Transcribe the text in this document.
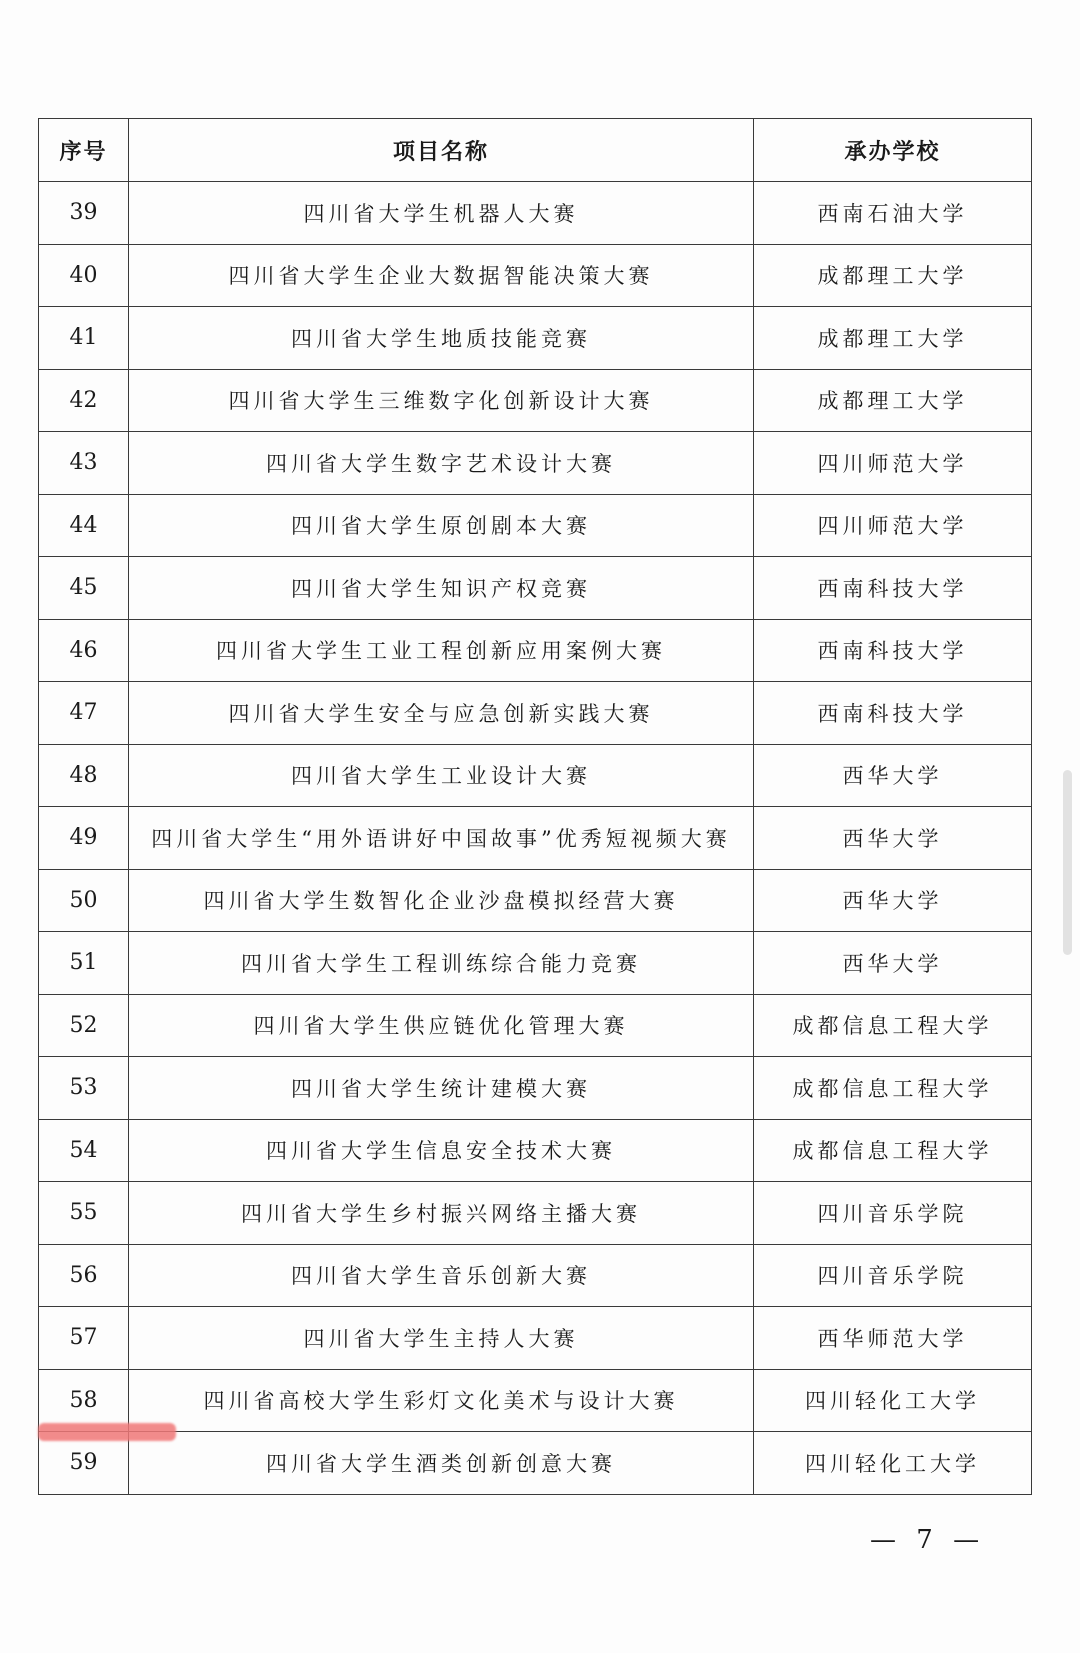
序号	项目名称	承办学校
39	四川省大学生机器人大赛	西南石油大学
40	四川省大学生企业大数据智能决策大赛	成都理工大学
41	四川省大学生地质技能竞赛	成都理工大学
42	四川省大学生三维数字化创新设计大赛	成都理工大学
43	四川省大学生数字艺术设计大赛	四川师范大学
44	四川省大学生原创剧本大赛	四川师范大学
45	四川省大学生知识产权竞赛	西南科技大学
46	四川省大学生工业工程创新应用案例大赛	西南科技大学
47	四川省大学生安全与应急创新实践大赛	西南科技大学
48	四川省大学生工业设计大赛	西华大学
49	四川省大学生“用外语讲好中国故事”优秀短视频大赛	西华大学
50	四川省大学生数智化企业沙盘模拟经营大赛	西华大学
51	四川省大学生工程训练综合能力竞赛	西华大学
52	四川省大学生供应链优化管理大赛	成都信息工程大学
53	四川省大学生统计建模大赛	成都信息工程大学
54	四川省大学生信息安全技术大赛	成都信息工程大学
55	四川省大学生乡村振兴网络主播大赛	四川音乐学院
56	四川省大学生音乐创新大赛	四川音乐学院
57	四川省大学生主持人大赛	西华师范大学
58	四川省高校大学生彩灯文化美术与设计大赛	四川轻化工大学
59	四川省大学生酒类创新创意大赛	四川轻化工大学
— 7 —
